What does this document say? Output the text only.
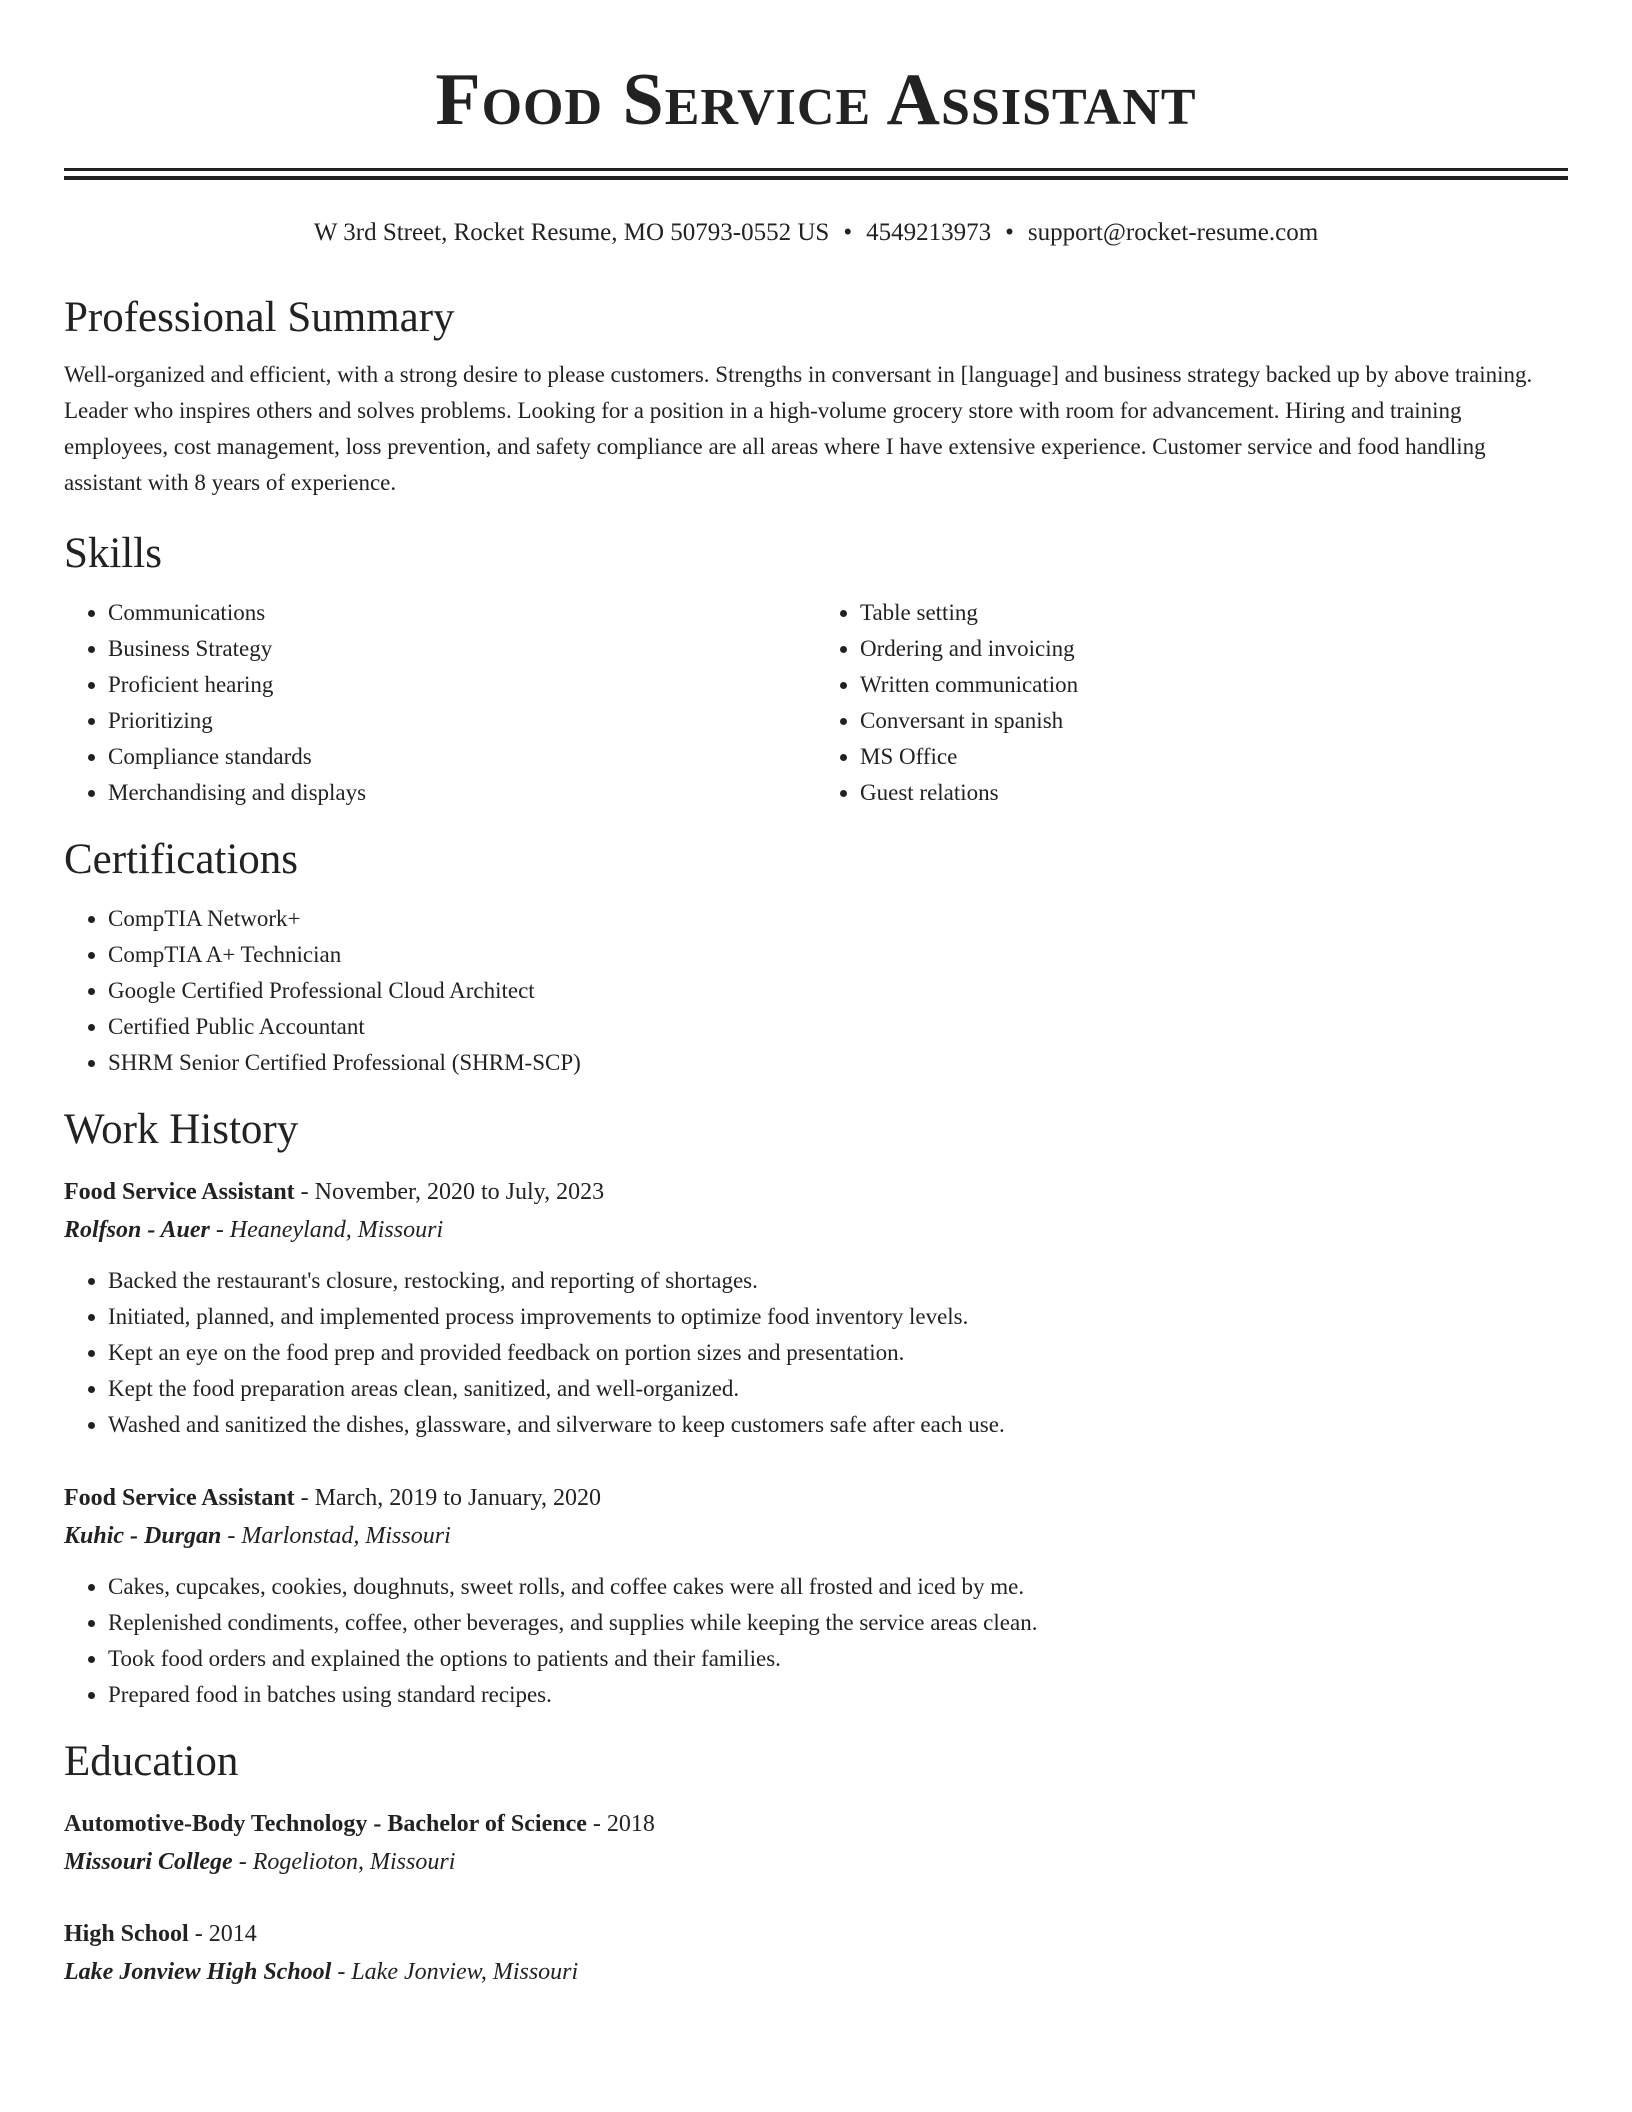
Food Service Assistant
W 3rd Street, Rocket Resume, MO 50793-0552 US • 4549213973 • support@rocket-resume.com
Professional Summary
Well-organized and efficient, with a strong desire to please customers. Strengths in conversant in [language] and business strategy backed up by above training. Leader who inspires others and solves problems. Looking for a position in a high-volume grocery store with room for advancement. Hiring and training employees, cost management, loss prevention, and safety compliance are all areas where I have extensive experience. Customer service and food handling assistant with 8 years of experience.
Skills
• Communications
• Business Strategy
• Proficient hearing
• Prioritizing
• Compliance standards
• Merchandising and displays
• Table setting
• Ordering and invoicing
• Written communication
• Conversant in spanish
• MS Office
• Guest relations
Certifications
• CompTIA Network+
• CompTIA A+ Technician
• Google Certified Professional Cloud Architect
• Certified Public Accountant
• SHRM Senior Certified Professional (SHRM-SCP)
Work History
Food Service Assistant - November, 2020 to July, 2023
Rolfson - Auer - Heaneyland, Missouri
• Backed the restaurant's closure, restocking, and reporting of shortages.
• Initiated, planned, and implemented process improvements to optimize food inventory levels.
• Kept an eye on the food prep and provided feedback on portion sizes and presentation.
• Kept the food preparation areas clean, sanitized, and well-organized.
• Washed and sanitized the dishes, glassware, and silverware to keep customers safe after each use.
Food Service Assistant - March, 2019 to January, 2020
Kuhic - Durgan - Marlonstad, Missouri
• Cakes, cupcakes, cookies, doughnuts, sweet rolls, and coffee cakes were all frosted and iced by me.
• Replenished condiments, coffee, other beverages, and supplies while keeping the service areas clean.
• Took food orders and explained the options to patients and their families.
• Prepared food in batches using standard recipes.
Education
Automotive-Body Technology - Bachelor of Science - 2018
Missouri College - Rogelioton, Missouri
High School - 2014
Lake Jonview High School - Lake Jonview, Missouri
